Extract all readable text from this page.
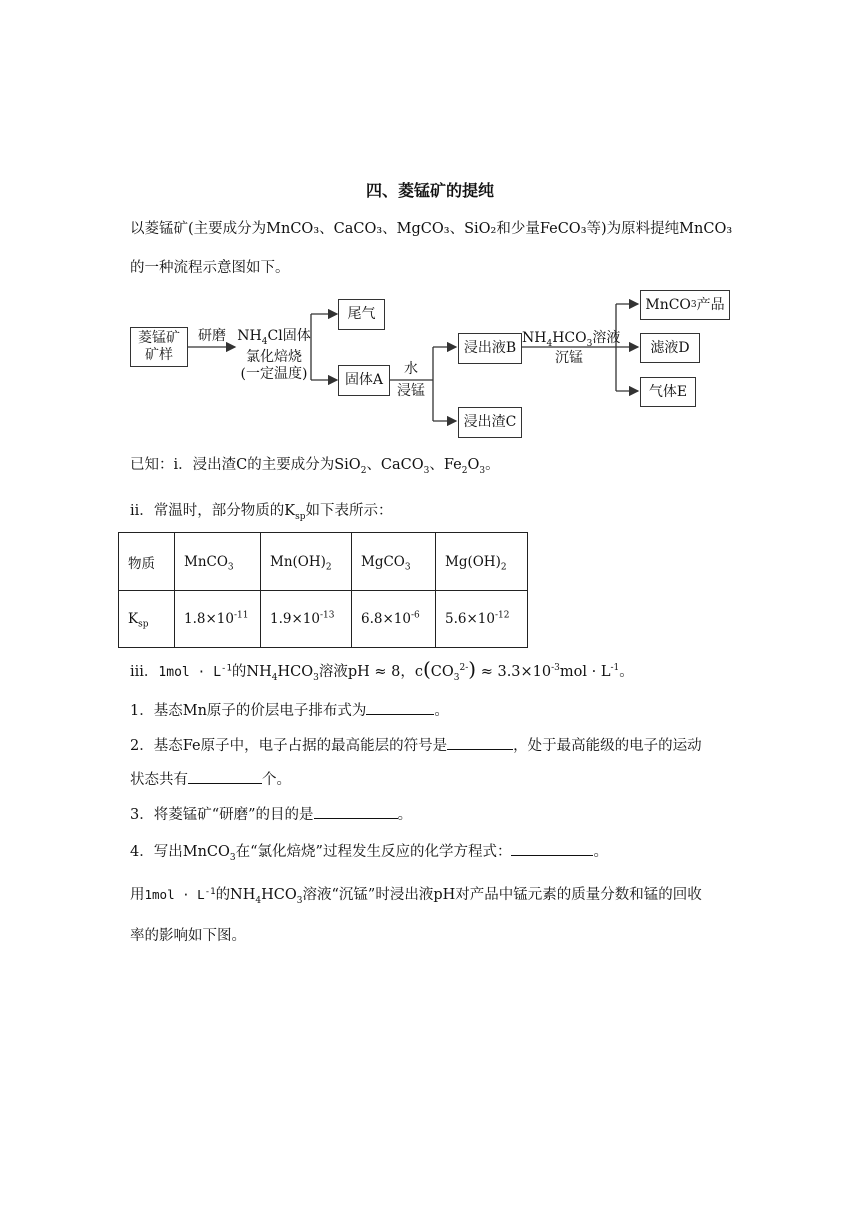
四、菱锰矿的提纯
以菱锰矿(主要成分为MnCO₃、CaCO₃、MgCO₃、SiO₂和少量FeCO₃等)为原料提纯MnCO₃
的一种流程示意图如下。
菱锰矿
矿样
研磨 $NH_4Cl$固体
氯化焙烧
(一定温度)
尾气
固体A
水
浸锰
浸出液B
浸出渣C
$NH_4HCO_3$溶液
沉锰
MnCO 3 产品
滤液D
气体E
已知：i．浸出渣C的主要成分为SiO$_2$、CaCO$_3$、$Fe_2O_3$。
ii．常温时，部分物质的$K_{sp}$如下表所示：
物质	MnCO$_3$	$Mn(OH)_2$	MgCO$_3$	$Mg(OH)_2$
$K_{sp}$	$1.8\times 10^{-11}$	$1.9\times 10^{-13}$	$6.8\times 10^{-6}$	$5.6\times 10^{-12}$
iii．$1mol \cdot L^{-1}$的$NH_4HCO_3$溶液pH ≈ 8，$c(CO_3^{2-}) \approx 3.3\times 10^{-3}mol \cdot L^{-1}$。
1．基态Mn原子的价层电子排布式为	。
2．基态Fe原子中，电子占据的最高能层的符号是	，处于最高能级的电子的运动
状态共有	个。
3．将菱锰矿“研磨”的目的是	。
4．写出MnCO$_3$在“氯化焙烧”过程发生反应的化学方程式：	。
用$1mol \cdot L^{-1}$的$NH_4HCO_3$溶液“沉锰”时浸出液pH对产品中锰元素的质量分数和锰的回收
率的影响如下图。
